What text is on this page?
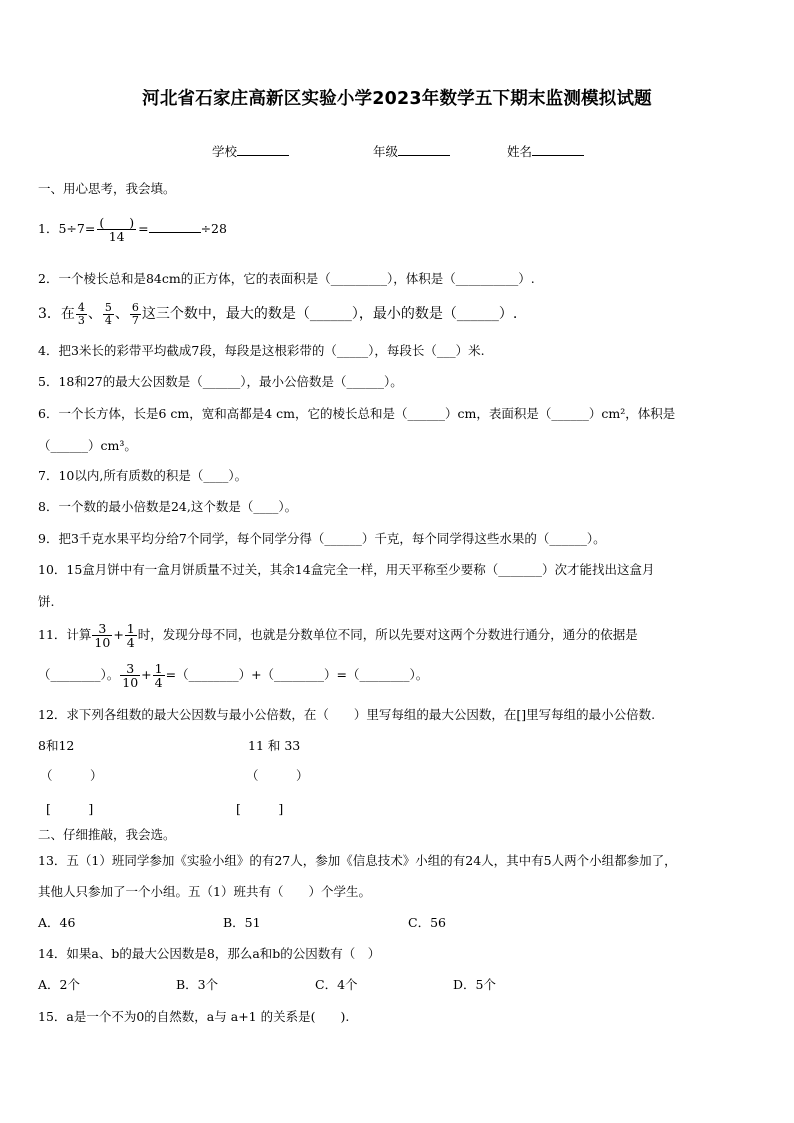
河北省石家庄高新区实验小学2023年数学五下期末监测模拟试题
学校	年级	姓名
一、用心思考，我会填。
1．$5\div 7= \frac{( )}{14}$ =	÷28
2．一个棱长总和是84cm的正方体，它的表面积是（_________），体积是（__________）.
3．在 $\frac{4}{3}$ 、 $\frac{5}{4}$ 、 $\frac{6}{7}$ 这三个数中，最大的数是（______），最小的数是（______）.
4．把3米长的彩带平均截成7段，每段是这根彩带的（_____），每段长（___）米.
5．18和27的最大公因数是（______），最小公倍数是（______）。
6．一个长方体，长是6 cm，宽和高都是4 cm，它的棱长总和是（______）cm，表面积是（______）cm²，体积是
（______）cm³。
7．10以内,所有质数的积是（____）。
8．一个数的最小倍数是24,这个数是（____）。
9．把3千克水果平均分给7个同学，每个同学分得（______）千克，每个同学得这些水果的（______）。
10．15盒月饼中有一盒月饼质量不过关，其余14盒完全一样，用天平称至少要称（_______）次才能找出这盒月
饼.
11．计算 $\frac{3}{10} + \frac{1}{4}$ 时，发现分母不同，也就是分数单位不同，所以先要对这两个分数进行通分，通分的依据是
（________）。 $\frac{3}{10} + \frac{1}{4}$ =（________）+（________）=（________）。
12．求下列各组数的最大公因数与最小公倍数，在（　　）里写每组的最大公因数，在[]里写每组的最小公倍数.
8和12	11 和 33
（　　　）	（　　　）
[　　　]	[　　　]
二、仔细推敲，我会选。
13．五（1）班同学参加《实验小组》的有27人，参加《信息技术》小组的有24人，其中有5人两个小组都参加了，
其他人只参加了一个小组。五（1）班共有（　　）个学生。
A．46	B．51	C．56
14．如果a、b的最大公因数是8，那么a和b的公因数有（　）
A．2个	B．3个	C．4个	D．5个
15．a是一个不为0的自然数，a与 a+1 的关系是(　　).
